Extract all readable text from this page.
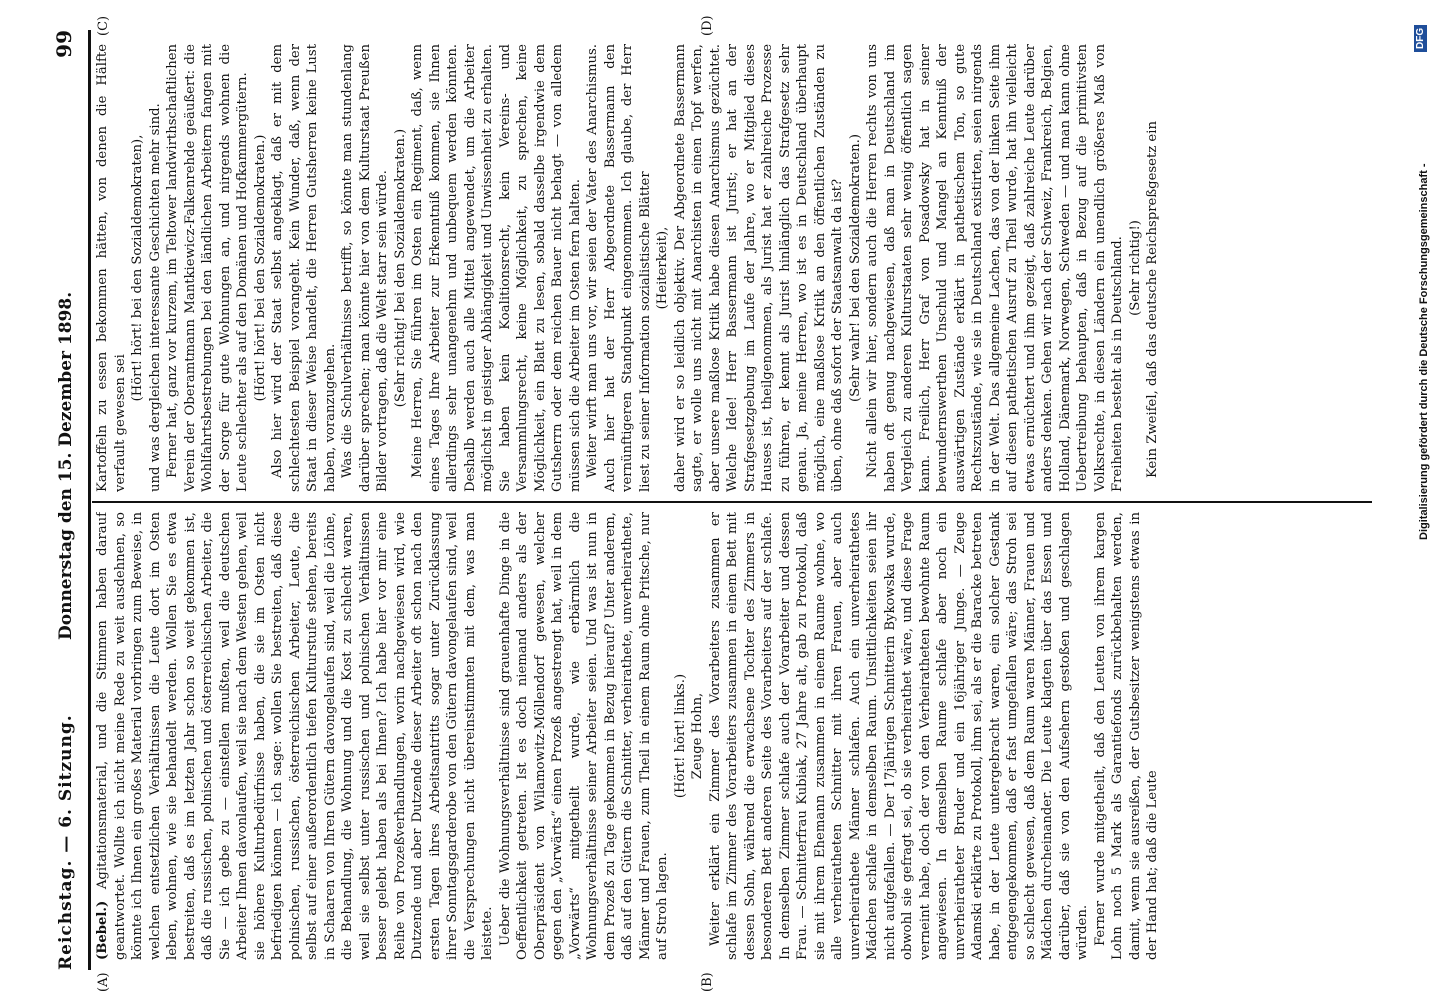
Reichstag. — 6. Sitzung.
Donnerstag den 15. Dezember 1898.
99
(A)	(B)
(C)	(D)

(Bebel.) Agitationsmaterial, und die Stimmen haben darauf geantwortet. Wollte ich nicht meine Rede zu weit ausdehnen, so könnte ich Ihnen ein großes Material vorbringen zum Beweise, in welchen entsetzlichen Verhältnissen die Leute dort im Osten leben, wohnen, wie sie behandelt werden. Wollen Sie es etwa bestreiten, daß es im letzten Jahr schon so weit gekommen ist, daß die russischen, polnischen und österreichischen Arbeiter, die Sie — ich gebe zu — einstellen mußten, weil die deutschen Arbeiter Ihnen davonlaufen, weil sie nach dem Westen gehen, weil sie höhere Kulturbedürfnisse haben, die sie im Osten nicht befriedigen können — ich sage: wollen Sie bestreiten, daß diese polnischen, russischen, österreichischen Arbeiter, Leute, die selbst auf einer außerordentlich tiefen Kulturstufe stehen, bereits in Schaaren von Ihren Gütern davongelaufen sind, weil die Löhne, die Behandlung, die Wohnung und die Kost zu schlecht waren, weil sie selbst unter russischen und polnischen Verhältnissen besser gelebt haben als bei Ihnen? Ich habe hier vor mir eine Reihe von Prozeßverhandlungen, worin nachgewiesen wird, wie Dutzende und aber Dutzende dieser Arbeiter oft schon nach den ersten Tagen ihres Arbeitsantritts sogar unter Zurücklassung ihrer Sonntagsgarderobe von den Gütern davongelaufen sind, weil die Versprechungen nicht übereinstimmten mit dem, was man leistete. Ueber die Wohnungsverhältnisse sind grauenhafte Dinge in die Oeffentlichkeit getreten. Ist es doch niemand anders als der Oberpräsident von Wilamowitz-Möllendorf gewesen, welcher gegen den „Vorwärts“ einen Prozeß angestrengt hat, weil in dem „Vorwärts“ mitgetheilt wurde, wie erbärmlich die Wohnungsverhältnisse seiner Arbeiter seien. Und was ist nun in dem Prozeß zu Tage gekommen in Bezug hierauf? Unter anderem, daß auf den Gütern die Schnitter, verheirathete, unverheirathete, Männer und Frauen, zum Theil in einem Raum ohne Pritsche, nur auf Stroh lagen.

(Hört! hört! links.) Zeuge Hohn, Weiter erklärt ein Zimmer des Vorarbeiters zusammen er schlafe im Zimmer des Vorarbeiters zusammen in einem Bett mit dessen Sohn, während die erwachsene Tochter des Zimmers in besonderen Bett anderen Seite des Vorarbeiters auf der schlafe. In demselben Zimmer schlafe auch der Vorarbeiter und dessen Frau. — Schnitterfrau Kubiak, 27 Jahre alt, gab zu Protokoll, daß sie mit ihrem Ehemann zusammen in einem Raume wohne, wo alle verheiratheten Schnitter mit ihren Frauen, aber auch unverheirathete Männer schlafen. Auch ein unverheirathetes Mädchen schlafe in demselben Raum. Unsittlichkeiten seien ihr nicht aufgefallen. — Der 17jährigen Schnitterin Bykowska wurde, obwohl sie gefragt sei, ob sie verheirathet wäre, und diese Frage verneint habe, doch der von den Verheiratheten bewohnte Raum angewiesen. In demselben Raume schlafe aber noch ein unverheiratheter Bruder und ein 16jähriger Junge. — Zeuge Adamski erklärte zu Protokoll, ihm sei, als er die Baracke betreten habe, in der Leute untergebracht waren, ein solcher Gestank entgegengekommen, daß er fast umgefallen wäre; das Stroh sei so schlecht gewesen, daß dem Raum waren Männer, Frauen und Mädchen durcheinander. Die Leute klagten über das Essen und darüber, daß sie von den Aufsehern gestoßen und geschlagen würden. Ferner wurde mitgetheilt, daß den Leuten von ihrem kargen Lohn noch 5 Mark als Garantiefonds zurückbehalten werden, damit, wenn sie ausreißen, der Gutsbesitzer wenigstens etwas in der Hand hat; daß die Leute

Kartoffeln zu essen bekommen hätten, von denen die Hälfte verfault gewesen sei

(Hört! hört! bei den Sozialdemokraten), und was dergleichen interessante Geschichten mehr sind. Ferner hat, ganz vor kurzem, im Teltower landwirthschaftlichen Verein der Oberamtmann Mantkiewicz-Falkenrehde geäußert: die Wohlfahrtsbestrebungen bei den ländlichen Arbeitern fangen mit der Sorge für gute Wohnungen an, und nirgends wohnen die Leute schlechter als auf den Domänen und Hofkammergütern. (Hört! hört! bei den Sozialdemokraten.) Also hier wird der Staat selbst angeklagt, daß er mit dem schlechtesten Beispiel vorangeht. Kein Wunder, daß, wenn der Staat in dieser Weise handelt, die Herren Gutsherren keine Lust haben, voranzugehen. Was die Schulverhältnisse betrifft, so könnte man stundenlang darüber sprechen; man könnte hier von dem Kulturstaat Preußen Bilder vortragen, daß die Welt starr sein würde. (Sehr richtig! bei den Sozialdemokraten.) Meine Herren, Sie führen im Osten ein Regiment, daß, wenn eines Tages Ihre Arbeiter zur Erkenntniß kommen, sie Ihnen allerdings sehr unangenehm und unbequem werden könnten. Deshalb werden auch alle Mittel angewendet, um die Arbeiter möglichst in geistiger Abhängigkeit und Unwissenheit zu erhalten. Sie haben kein Koalitionsrecht, kein Vereins- und Versammlungsrecht, keine Möglichkeit, zu sprechen, keine Möglichkeit, ein Blatt zu lesen, sobald dasselbe irgendwie dem Gutsherrn oder dem reichen Bauer nicht behagt — von alledem müssen sich die Arbeiter im Osten fern halten. Weiter wirft man uns vor, wir seien der Vater des Anarchismus. Auch hier hat der Herr Abgeordnete Bassermann den vernünftigeren Standpunkt eingenommen. Ich glaube, der Herr liest zu seiner Information sozialistische Blätter (Heiterkeit), daher wird er so leidlich objektiv. Der Abgeordnete Bassermann sagte, er wolle uns nicht mit Anarchisten in einen Topf werfen, aber unsere maßlose Kritik habe diesen Anarchismus gezüchtet. Welche Idee! Herr Bassermann ist Jurist; er hat an der Strafgesetzgebung im Laufe der Jahre, wo er Mitglied dieses Hauses ist, theilgenommen, als Jurist hat er zahlreiche Prozesse zu führen, er kennt als Jurist hinlänglich das Strafgesetz sehr genau. Ja, meine Herren, wo ist es in Deutschland überhaupt möglich, eine maßlose Kritik an den öffentlichen Zuständen zu üben, ohne daß sofort der Staatsanwalt da ist? (Sehr wahr! bei den Sozialdemokraten.) Nicht allein wir hier, sondern auch die Herren rechts von uns haben oft genug nachgewiesen, daß man in Deutschland im Vergleich zu anderen Kulturstaaten sehr wenig öffentlich sagen kann. Freilich, Herr Graf von Posadowsky hat in seiner bewundernswerthen Unschuld und Mangel an Kenntniß der auswärtigen Zustände erklärt in pathetischem Ton, so gute Rechtszustände, wie sie in Deutschland existirten, seien nirgends in der Welt. Das allgemeine Lachen, das von der linken Seite ihm auf diesen pathetischen Ausruf zu Theil wurde, hat ihn vielleicht etwas ernüchtert und ihm gezeigt, daß zahlreiche Leute darüber anders denken. Gehen wir nach der Schweiz, Frankreich, Belgien, Holland, Dänemark, Norwegen, Schweden — und man kann ohne Uebertreibung behaupten, daß in Bezug auf die primitivsten Volksrechte, in diesen Ländern ein unendlich größeres Maß von Freiheiten besteht als in Deutschland. (Sehr richtig!) Kein Zweifel, daß das deutsche Reichspreßgesetz ein	Digitalisierung gefördert durch die Deutsche Forschungsgemeinschaft -
DFG
